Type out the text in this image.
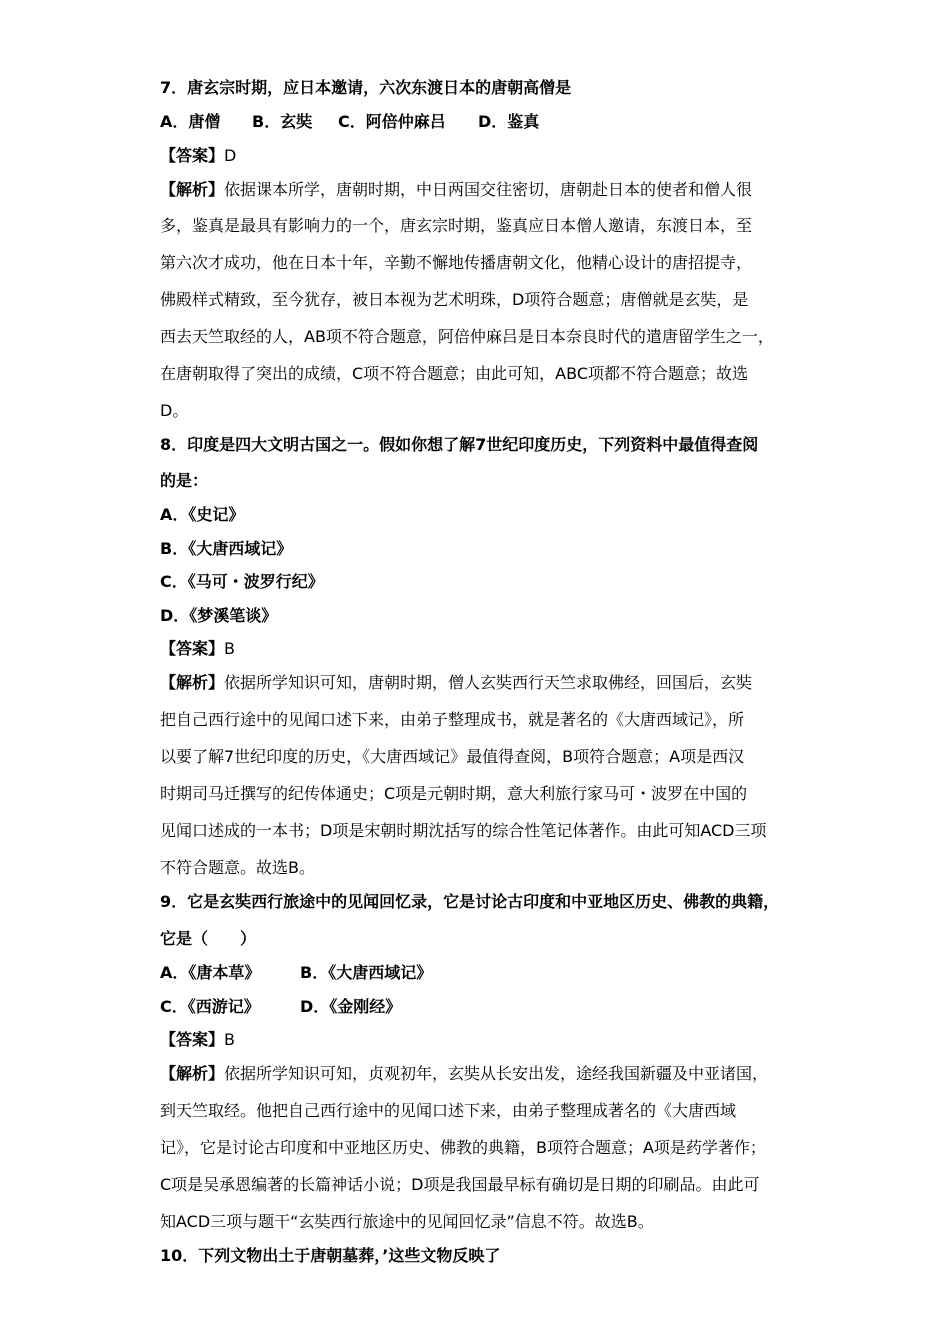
7．唐玄宗时期，应日本邀请，六次东渡日本的唐朝高僧是
A．唐僧 B．玄奘 C．阿倍仲麻吕 D．鉴真
【答案】D
【解析】依据课本所学，唐朝时期，中日两国交往密切，唐朝赴日本的使者和僧人很
多，鉴真是最具有影响力的一个，唐玄宗时期，鉴真应日本僧人邀请，东渡日本，至
第六次才成功，他在日本十年，辛勤不懈地传播唐朝文化，他精心设计的唐招提寺，
佛殿样式精致，至今犹存，被日本视为艺术明珠，D项符合题意；唐僧就是玄奘，是
西去天竺取经的人，AB项不符合题意，阿倍仲麻吕是日本奈良时代的遣唐留学生之一，
在唐朝取得了突出的成绩，C项不符合题意；由此可知，ABC项都不符合题意；故选
D。
8．印度是四大文明古国之一。假如你想了解7世纪印度历史，下列资料中最值得查阅
的是：
A．《史记》
B．《大唐西域记》
C．《马可・波罗行纪》
D．《梦溪笔谈》
【答案】B
【解析】依据所学知识可知，唐朝时期，僧人玄奘西行天竺求取佛经，回国后，玄奘
把自己西行途中的见闻口述下来，由弟子整理成书，就是著名的《大唐西域记》，所
以要了解7世纪印度的历史，《大唐西域记》最值得查阅，B项符合题意；A项是西汉
时期司马迁撰写的纪传体通史；C项是元朝时期，意大利旅行家马可・波罗在中国的
见闻口述成的一本书；D项是宋朝时期沈括写的综合性笔记体著作。由此可知ACD三项
不符合题意。故选B。
9．它是玄奘西行旅途中的见闻回忆录，它是讨论古印度和中亚地区历史、佛教的典籍，
它是（　　）
A．《唐本草》 B．《大唐西域记》
C．《西游记》	D．《金刚经》
【答案】B
【解析】依据所学知识可知，贞观初年，玄奘从长安出发，途经我国新疆及中亚诸国，
到天竺取经。他把自己西行途中的见闻口述下来，由弟子整理成著名的《大唐西域
记》，它是讨论古印度和中亚地区历史、佛教的典籍，B项符合题意；A项是药学著作；
C项是吴承恩编著的长篇神话小说；D项是我国最早标有确切是日期的印刷品。由此可
知ACD三项与题干“玄奘西行旅途中的见闻回忆录”信息不符。故选B。
10．下列文物出土于唐朝墓葬，’这些文物反映了
